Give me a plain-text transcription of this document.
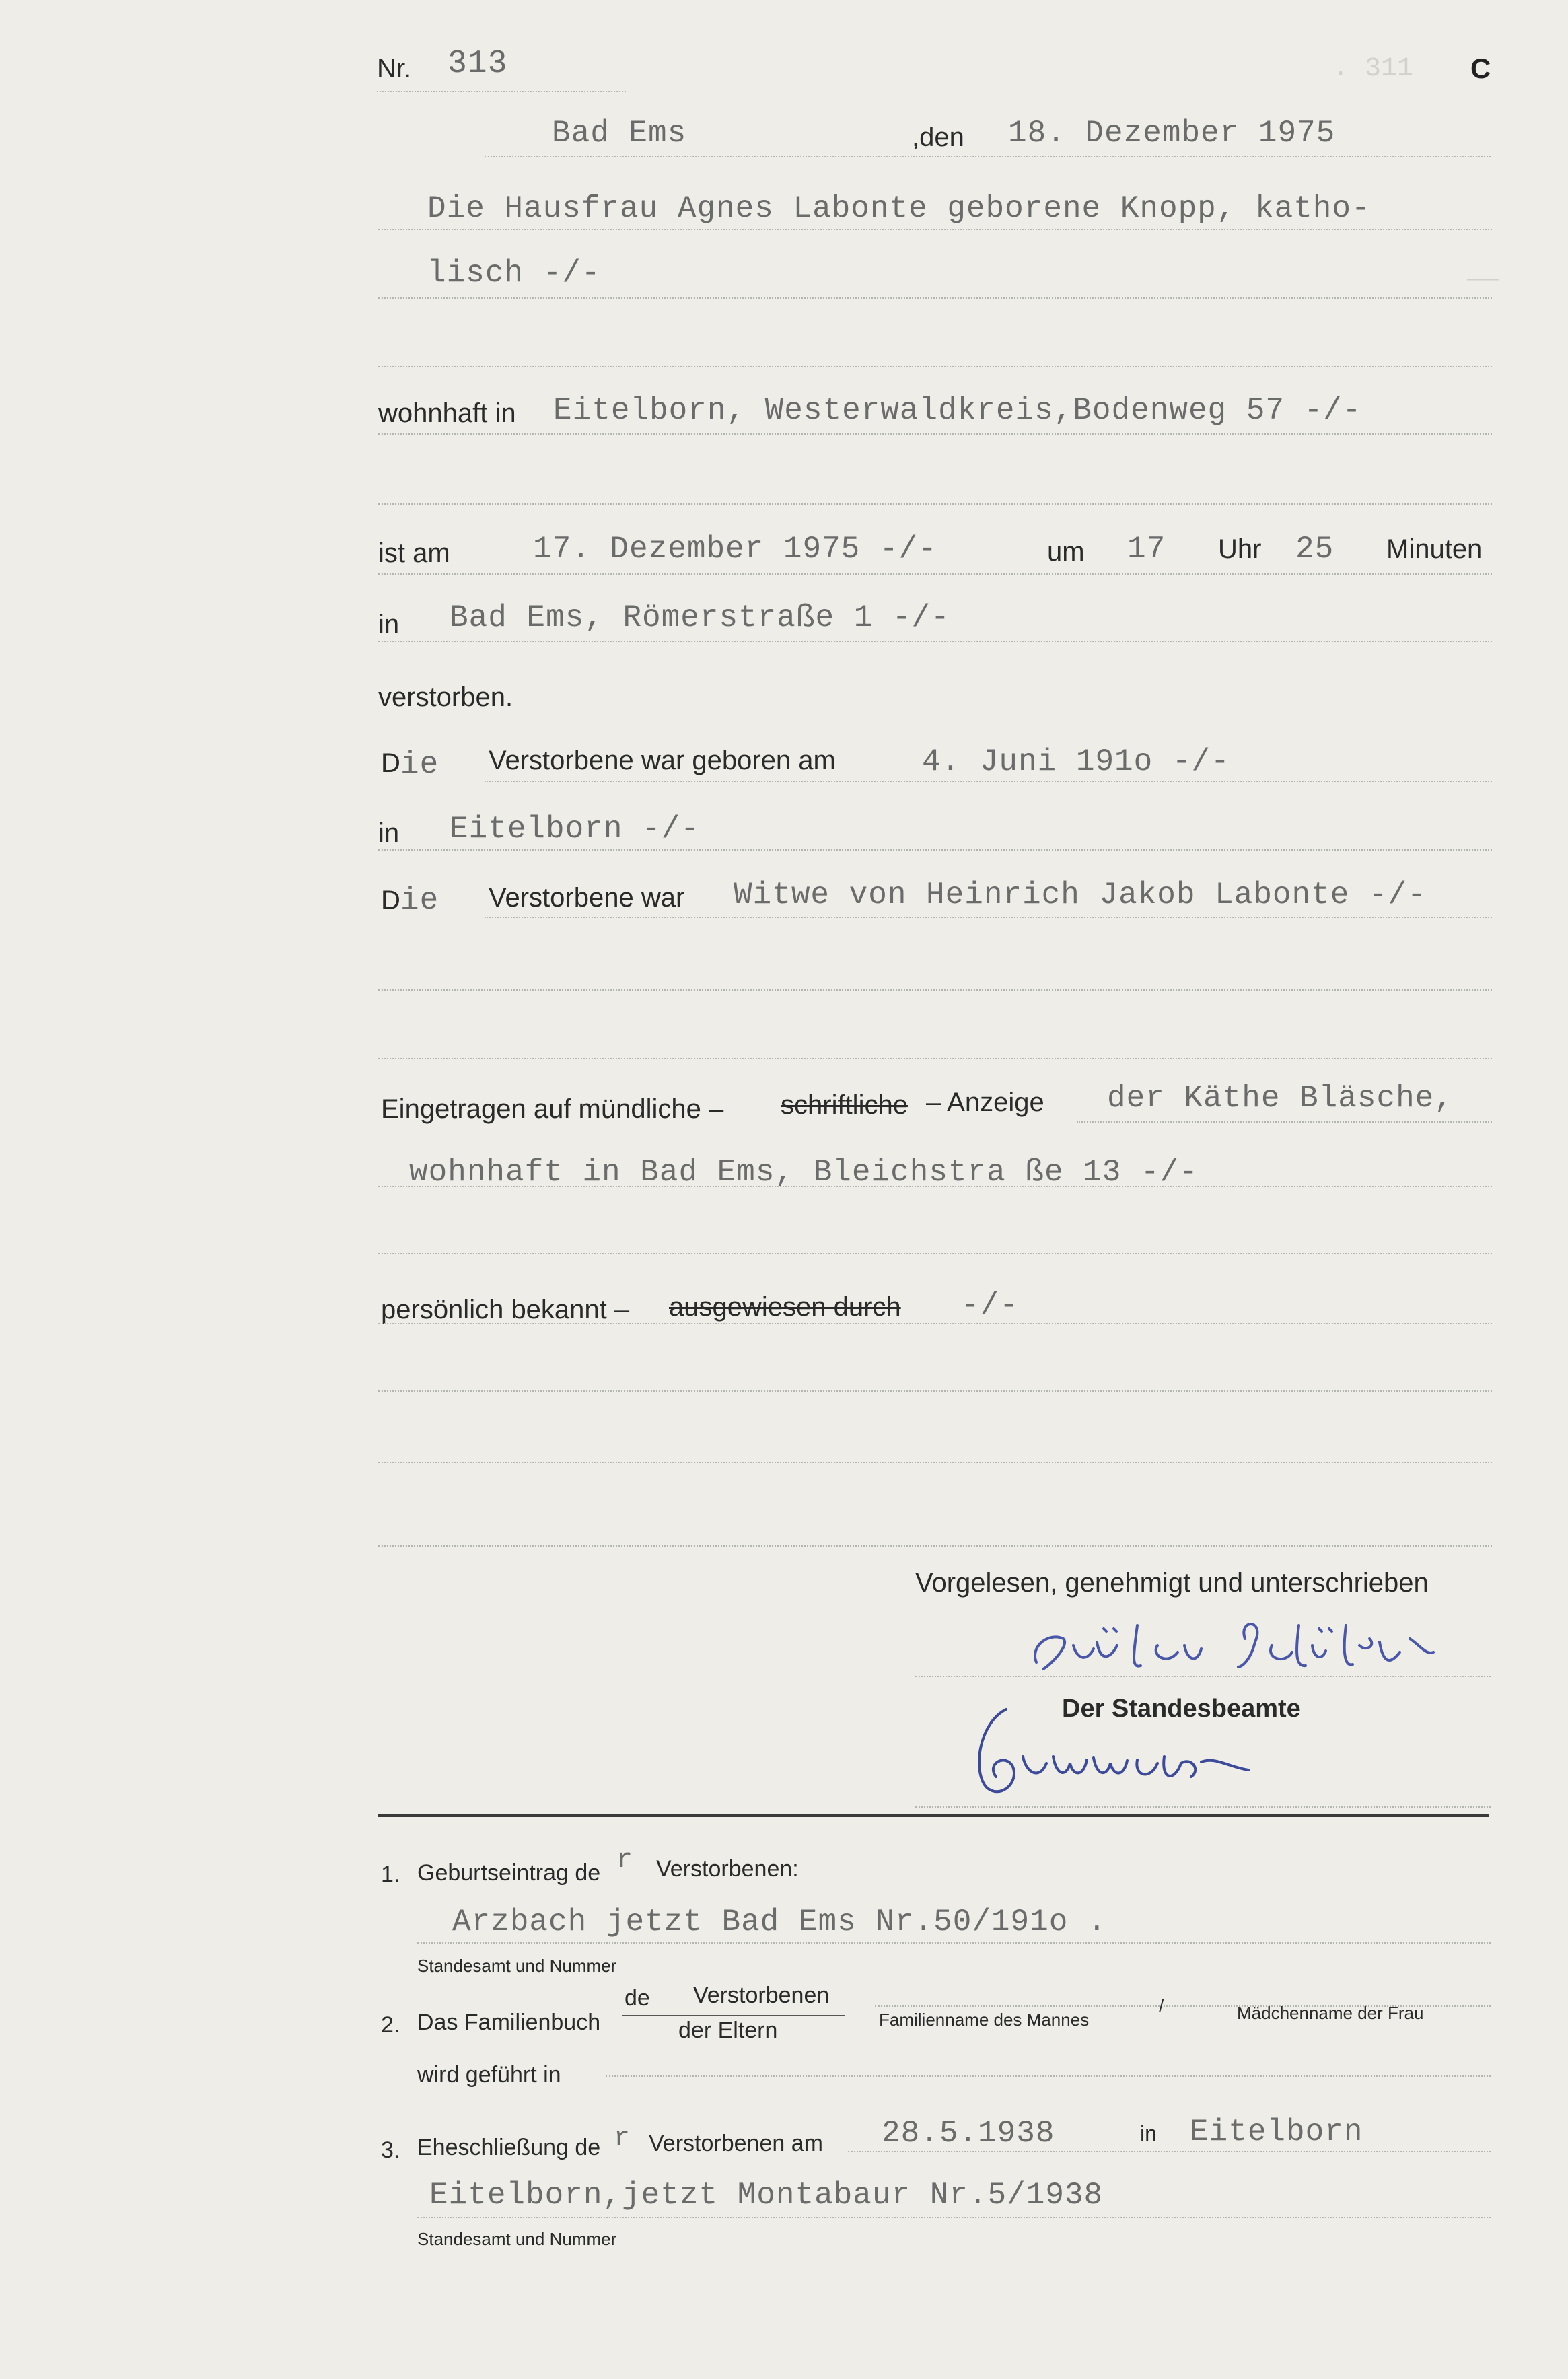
. 311
__
Nr. 313	C
Bad Ems	,den 18. Dezember 1975
Die Hausfrau Agnes Labonte geborene Knopp, katho-
lisch -/-
wohnhaft in Eitelborn, Westerwaldkreis,Bodenweg 57 -/-
ist am	17. Dezember 1975 -/-	um 17 Uhr 25 Minuten
in Bad Ems, Römerstraße 1 -/-
verstorben.
D ie Verstorbene war geboren am	4. Juni 191o -/-
in Eitelborn -/-
D ie Verstorbene war Witwe von Heinrich Jakob Labonte -/-
Eingetragen auf mündliche – schriftliche – Anzeige der Käthe Bläsche,
wohnhaft in Bad Ems, Bleichstra ße 13 -/-
persönlich bekannt – ausgewiesen durch -/-
Vorgelesen, genehmigt und unterschrieben
Der Standesbeamte
1. Geburtseintrag de r Verstorbenen:
Arzbach jetzt Bad Ems Nr.50/191o .
Standesamt und Nummer
2. Das Familienbuch
de Verstorbenen
der Eltern	Familienname des Mannes
/	Mädchenname der Frau
wird geführt in
3. Eheschließung de r Verstorbenen am 28.5.1938	in Eitelborn
Eitelborn,jetzt Montabaur Nr.5/1938
Standesamt und Nummer
